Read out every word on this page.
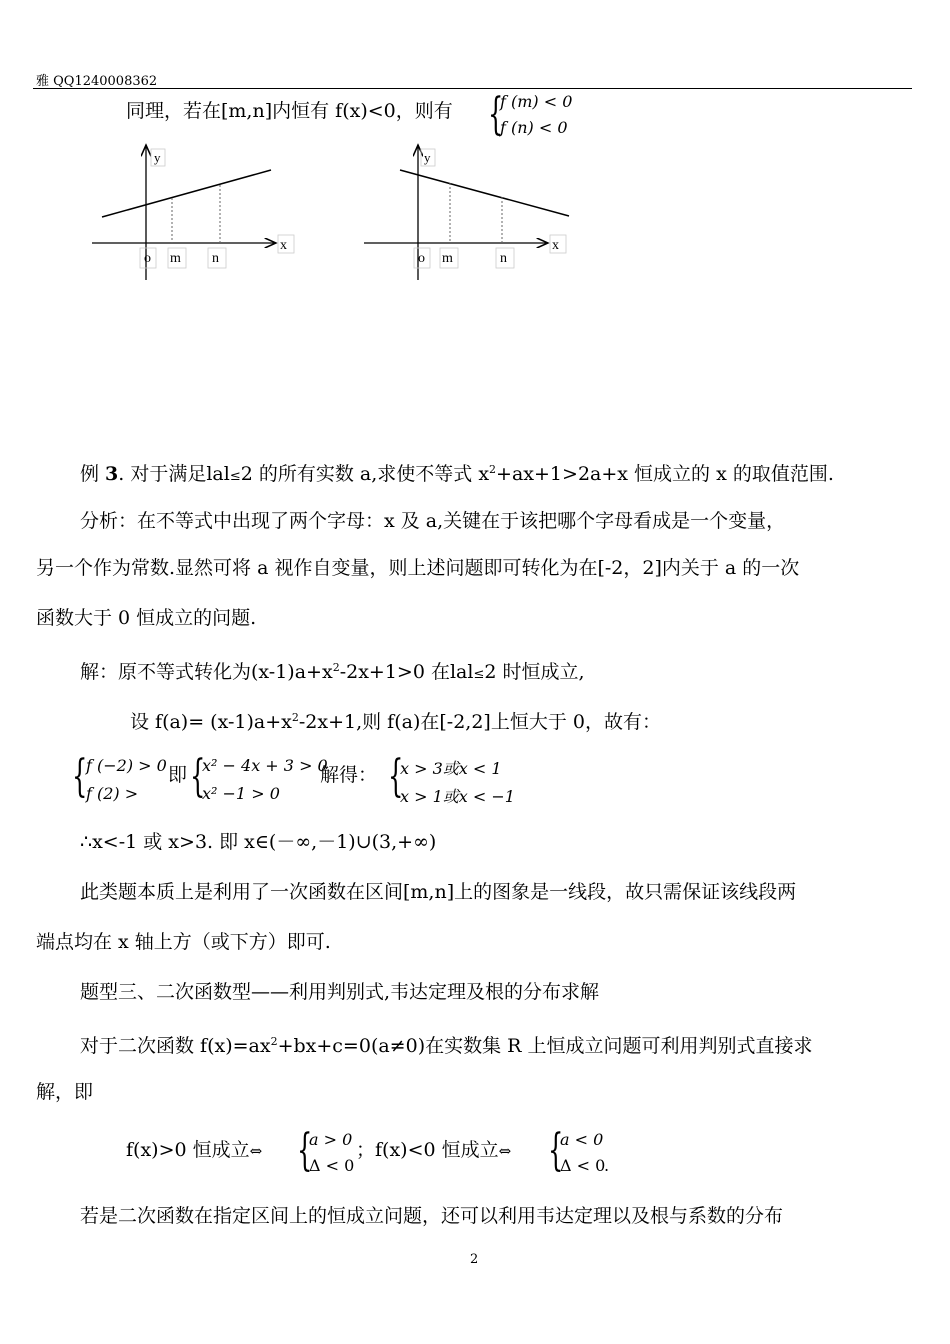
雅 QQ1240008362
同理，若在[m,n]内恒有 f(x)<0，则有 {
f (m) < 0
f (n) < 0
y
x
o m n
y
x
o m	n
例 3. 对于满足lal≤2 的所有实数 a,求使不等式 $x^2+ax+1>2a+x$ 恒成立的 x 的取值范围.
分析：在不等式中出现了两个字母：x 及 a,关键在于该把哪个字母看成是一个变量，
另一个作为常数.显然可将 a 视作自变量，则上述问题即可转化为在[-2，2]内关于 a 的一次
函数大于 0 恒成立的问题.
解：原不等式转化为$(x-1)a+x^2-2x+1>0$ 在lal≤2 时恒成立,
设 $f(a)= (x-1)a+x^2-2x+1$,则 f(a)在[-2,2]上恒大于 0，故有：
{
f (−2) > 0
f (2) >
即 {
x² − 4x + 3 > 0
x² −1 > 0
解得： {
x > 3或x < 1
x > 1或x < −1
∴x<-1 或 x>3. 即 x∈(－∞,－1)∪(3,+∞)
此类题本质上是利用了一次函数在区间[m,n]上的图象是一线段，故只需保证该线段两
端点均在 x 轴上方（或下方）即可.
题型三、二次函数型——利用判别式,韦达定理及根的分布求解
对于二次函数 $f(x)=ax^2+bx+c=0(a\ne 0)$在实数集 R 上恒成立问题可利用判别式直接求
解，即
f(x)>0 恒成立⇔ {
a > 0
Δ < 0
；f(x)<0 恒成立⇔ {
a < 0
Δ < 0
.
若是二次函数在指定区间上的恒成立问题，还可以利用韦达定理以及根与系数的分布
2
